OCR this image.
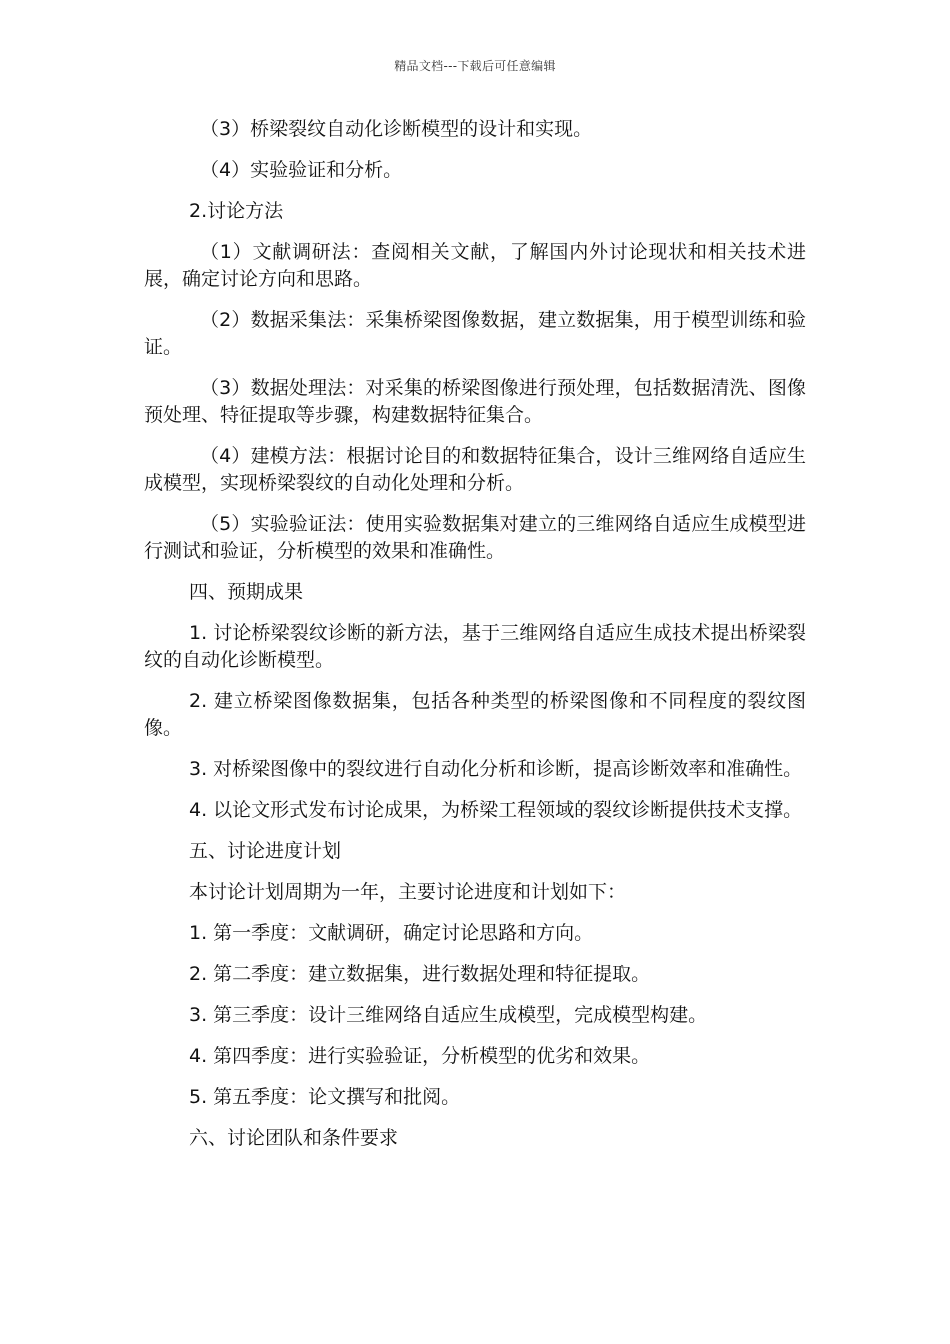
精品文档---下载后可任意编辑

（3）桥梁裂纹自动化诊断模型的设计和实现。

（4）实验验证和分析。

2.讨论方法

（1）文献调研法：查阅相关文献，了解国内外讨论现状和相关技术进展，确定讨论方向和思路。

（2）数据采集法：采集桥梁图像数据，建立数据集，用于模型训练和验证。

（3）数据处理法：对采集的桥梁图像进行预处理，包括数据清洗、图像预处理、特征提取等步骤，构建数据特征集合。

（4）建模方法：根据讨论目的和数据特征集合，设计三维网络自适应生成模型，实现桥梁裂纹的自动化处理和分析。

（5）实验验证法：使用实验数据集对建立的三维网络自适应生成模型进行测试和验证，分析模型的效果和准确性。

四、预期成果

1. 讨论桥梁裂纹诊断的新方法，基于三维网络自适应生成技术提出桥梁裂纹的自动化诊断模型。

2. 建立桥梁图像数据集，包括各种类型的桥梁图像和不同程度的裂纹图像。

3. 对桥梁图像中的裂纹进行自动化分析和诊断，提高诊断效率和准确性。

4. 以论文形式发布讨论成果，为桥梁工程领域的裂纹诊断提供技术支撑。

五、讨论进度计划

本讨论计划周期为一年，主要讨论进度和计划如下：

1. 第一季度：文献调研，确定讨论思路和方向。

2. 第二季度：建立数据集，进行数据处理和特征提取。

3. 第三季度：设计三维网络自适应生成模型，完成模型构建。

4. 第四季度：进行实验验证，分析模型的优劣和效果。

5. 第五季度：论文撰写和批阅。

六、讨论团队和条件要求
